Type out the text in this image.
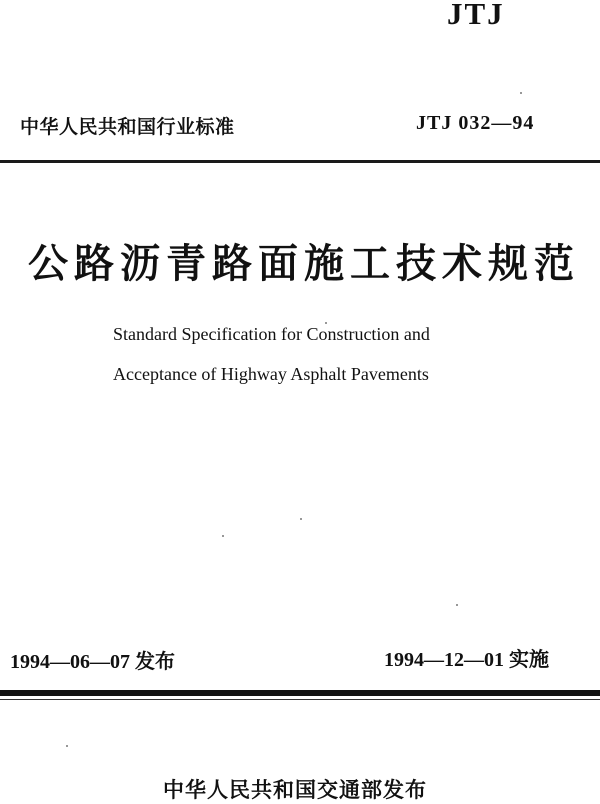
JTJ
中华人民共和国行业标准	JTJ 032—94
公路沥青路面施工技术规范
Standard Specification for Construction and
Acceptance of Highway Asphalt Pavements
1994—06—07 发布	1994—12—01 实施
中华人民共和国交通部发布
